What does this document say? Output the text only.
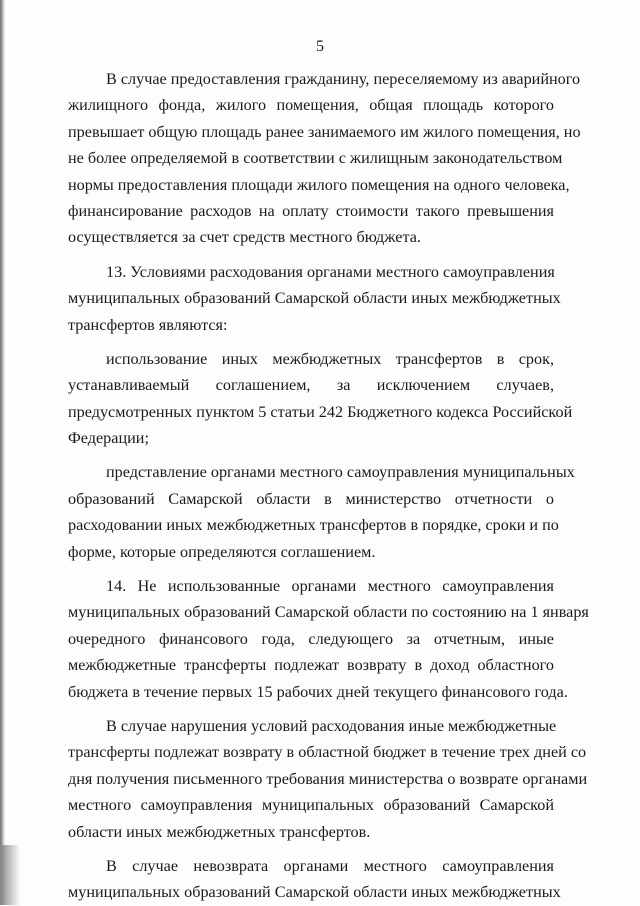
5
В случае предоставления гражданину, переселяемому из аварийного
жилищного фонда, жилого помещения, общая площадь которого
превышает общую площадь ранее занимаемого им жилого помещения, но
не более определяемой в соответствии с жилищным законодательством
нормы предоставления площади жилого помещения на одного человека,
финансирование расходов на оплату стоимости такого превышения
осуществляется за счет средств местного бюджета.
13. Условиями расходования органами местного самоуправления
муниципальных образований Самарской области иных межбюджетных
трансфертов являются:
использование иных межбюджетных трансфертов в срок,
устанавливаемый соглашением, за исключением случаев,
предусмотренных пунктом 5 статьи 242 Бюджетного кодекса Российской
Федерации;
представление органами местного самоуправления муниципальных
образований Самарской области в министерство отчетности о
расходовании иных межбюджетных трансфертов в порядке, сроки и по
форме, которые определяются соглашением.
14. Не использованные органами местного самоуправления
муниципальных образований Самарской области по состоянию на 1 января
очередного финансового года, следующего за отчетным, иные
межбюджетные трансферты подлежат возврату в доход областного
бюджета в течение первых 15 рабочих дней текущего финансового года.
В случае нарушения условий расходования иные межбюджетные
трансферты подлежат возврату в областной бюджет в течение трех дней со
дня получения письменного требования министерства о возврате органами
местного самоуправления муниципальных образований Самарской
области иных межбюджетных трансфертов.
В случае невозврата органами местного самоуправления
муниципальных образований Самарской области иных межбюджетных
